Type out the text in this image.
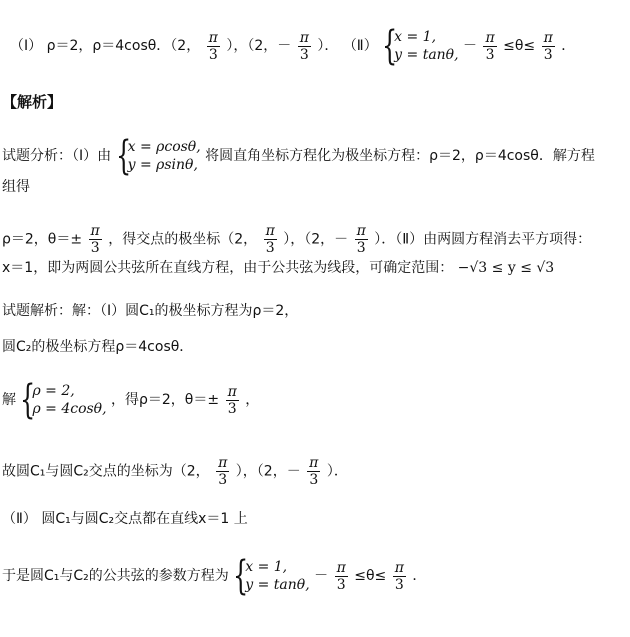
（Ⅰ） ρ＝2，ρ＝4cosθ．（2， $\frac{\pi}{3}$ ），（2，－ $\frac{\pi}{3}$ ）． （Ⅱ） {
x = 1,
y = tanθ,
－ $\frac{\pi}{3} \le\theta\le \frac{\pi}{3}$ ．
【解析】
试题分析：（Ⅰ）由 {
x = ρcosθ,
y = ρsinθ,
将圆直角坐标方程化为极坐标方程：ρ＝2，ρ＝4cosθ．解方程
组得
ρ＝2，$\theta=\pm \frac{\pi}{3}$ ，得交点的极坐标（2， $\frac{\pi}{3}$ ），（2，－ $\frac{\pi}{3}$ ）．（Ⅱ）由两圆方程消去平方项得：
x＝1，即为两圆公共弦所在直线方程，由于公共弦为线段，可确定范围： −√3 ≤ y ≤ √3
试题解析：解：（Ⅰ）圆C₁的极坐标方程为ρ＝2，
圆C₂的极坐标方程ρ＝4cosθ．
解 {
ρ = 2,
ρ = 4cosθ,
，得ρ＝2，$\theta=\pm \frac{\pi}{3}$ ，
故圆C₁与圆C₂交点的坐标为（2， $\frac{\pi}{3}$ ），（2，－ $\frac{\pi}{3}$ ）．
（Ⅱ） 圆C₁与圆C₂交点都在直线x＝1 上
于是圆C₁与C₂的公共弦的参数方程为 {
x = 1,
y = tanθ,
－ $\frac{\pi}{3} \le\theta\le \frac{\pi}{3}$ ．
